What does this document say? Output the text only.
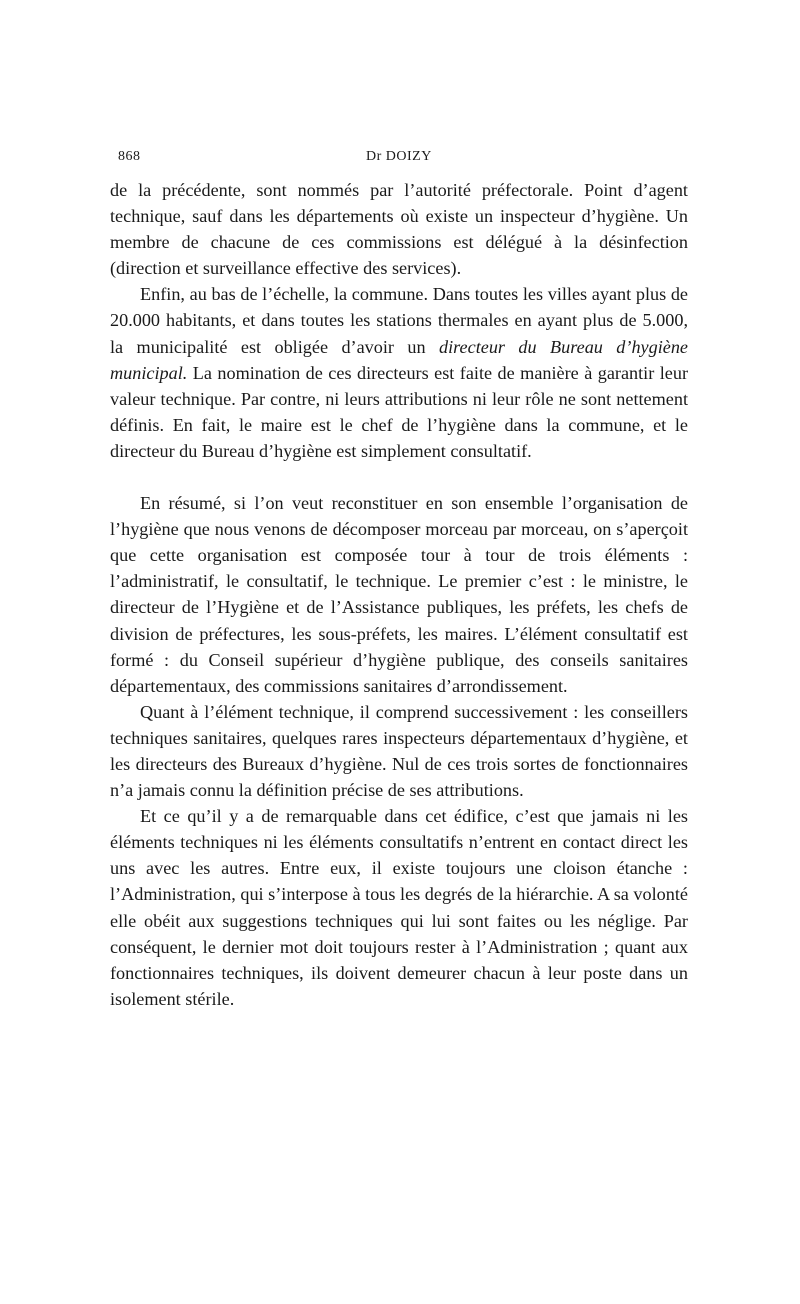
868	Dr DOIZY

de la précédente, sont nommés par l’autorité préfectorale. Point d’agent technique, sauf dans les départements où existe un inspecteur d’hygiène. Un membre de chacune de ces commissions est délégué à la désinfection (direction et surveillance effective des services).

Enfin, au bas de l’échelle, la commune. Dans toutes les villes ayant plus de 20.000 habitants, et dans toutes les stations thermales en ayant plus de 5.000, la municipalité est obligée d’avoir un directeur du Bureau d’hygiène municipal. La nomination de ces directeurs est faite de manière à garantir leur valeur technique. Par contre, ni leurs attributions ni leur rôle ne sont nettement définis. En fait, le maire est le chef de l’hygiène dans la commune, et le directeur du Bureau d’hygiène est simplement consultatif.

En résumé, si l’on veut reconstituer en son ensemble l’organisation de l’hygiène que nous venons de décomposer morceau par morceau, on s’aperçoit que cette organisation est composée tour à tour de trois éléments : l’administratif, le consultatif, le technique. Le premier c’est : le ministre, le directeur de l’Hygiène et de l’Assistance publiques, les préfets, les chefs de division de préfectures, les sous-préfets, les maires. L’élément consultatif est formé : du Conseil supérieur d’hygiène publique, des conseils sanitaires départementaux, des commissions sanitaires d’arrondissement.

Quant à l’élément technique, il comprend successivement : les conseillers techniques sanitaires, quelques rares inspecteurs départementaux d’hygiène, et les directeurs des Bureaux d’hygiène. Nul de ces trois sortes de fonctionnaires n’a jamais connu la définition précise de ses attributions.

Et ce qu’il y a de remarquable dans cet édifice, c’est que jamais ni les éléments techniques ni les éléments consultatifs n’entrent en contact direct les uns avec les autres. Entre eux, il existe toujours une cloison étanche : l’Administration, qui s’interpose à tous les degrés de la hiérarchie. A sa volonté elle obéit aux suggestions techniques qui lui sont faites ou les néglige. Par conséquent, le dernier mot doit toujours rester à l’Administration ; quant aux fonctionnaires techniques, ils doivent demeurer chacun à leur poste dans un isolement stérile.
